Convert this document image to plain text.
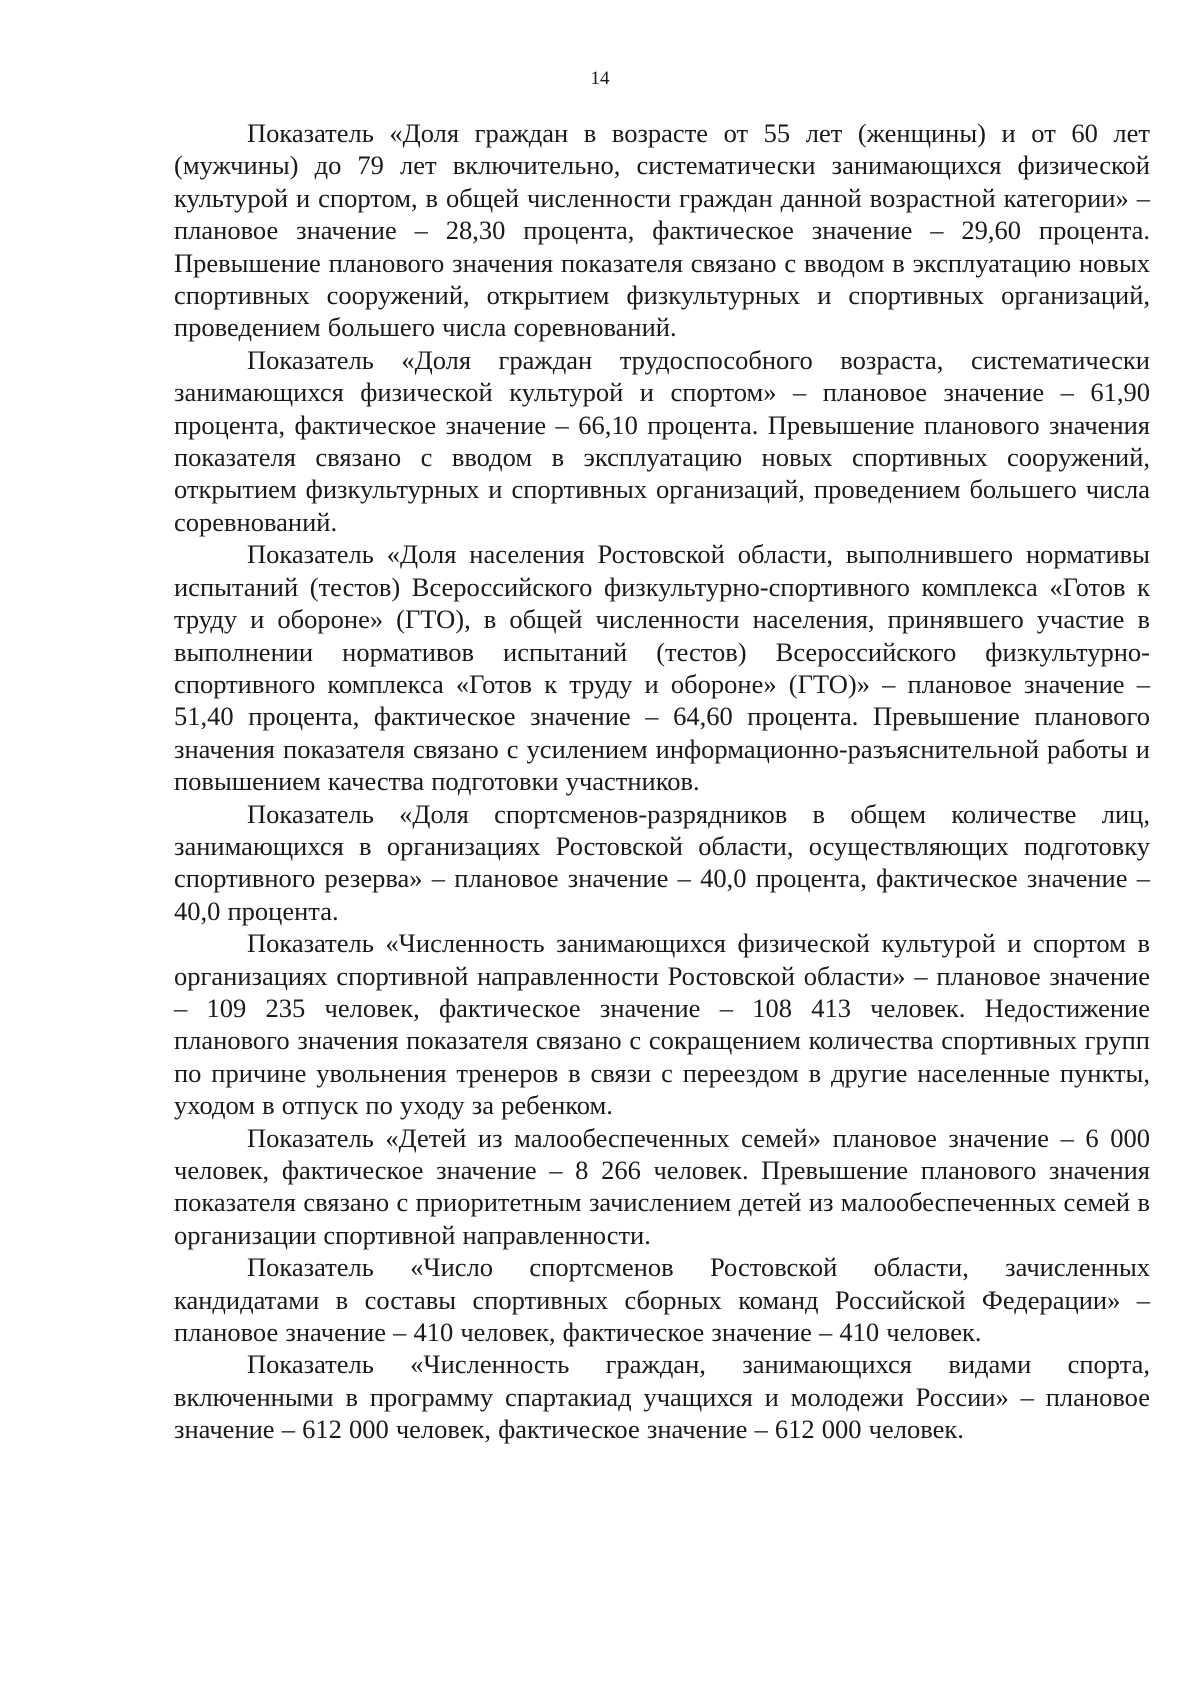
14

Показатель «Доля граждан в возрасте от 55 лет (женщины) и от 60 лет (мужчины) до 79 лет включительно, систематически занимающихся физической культурой и спортом, в общей численности граждан данной возрастной категории» – плановое значение – 28,30 процента, фактическое значение – 29,60 процента. Превышение планового значения показателя связано с вводом в эксплуатацию новых спортивных сооружений, открытием физкультурных и спортивных организаций, проведением большего числа соревнований.

Показатель «Доля граждан трудоспособного возраста, систематически занимающихся физической культурой и спортом» – плановое значение – 61,90 процента, фактическое значение – 66,10 процента. Превышение планового значения показателя связано с вводом в эксплуатацию новых спортивных сооружений, открытием физкультурных и спортивных организаций, проведением большего числа соревнований.

Показатель «Доля населения Ростовской области, выполнившего нормативы испытаний (тестов) Всероссийского физкультурно-спортивного комплекса «Готов к труду и обороне» (ГТО), в общей численности населения, принявшего участие в выполнении нормативов испытаний (тестов) Всероссийского физкультурно-спортивного комплекса «Готов к труду и обороне» (ГТО)» – плановое значение – 51,40 процента, фактическое значение – 64,60 процента. Превышение планового значения показателя связано с усилением информационно-разъяснительной работы и повышением качества подготовки участников.

Показатель «Доля спортсменов-разрядников в общем количестве лиц, занимающихся в организациях Ростовской области, осуществляющих подготовку спортивного резерва» – плановое значение – 40,0 процента, фактическое значение – 40,0 процента.

Показатель «Численность занимающихся физической культурой и спортом в организациях спортивной направленности Ростовской области» – плановое значение – 109 235 человек, фактическое значение – 108 413 человек. Недостижение планового значения показателя связано с сокращением количества спортивных групп по причине увольнения тренеров в связи с переездом в другие населенные пункты, уходом в отпуск по уходу за ребенком.

Показатель «Детей из малообеспеченных семей» плановое значение – 6 000 человек, фактическое значение – 8 266 человек. Превышение планового значения показателя связано с приоритетным зачислением детей из малообеспеченных семей в организации спортивной направленности.

Показатель «Число спортсменов Ростовской области, зачисленных кандидатами в составы спортивных сборных команд Российской Федерации» – плановое значение – 410 человек, фактическое значение – 410 человек.

Показатель «Численность граждан, занимающихся видами спорта, включенными в программу спартакиад учащихся и молодежи России» – плановое значение – 612 000 человек, фактическое значение – 612 000 человек.
